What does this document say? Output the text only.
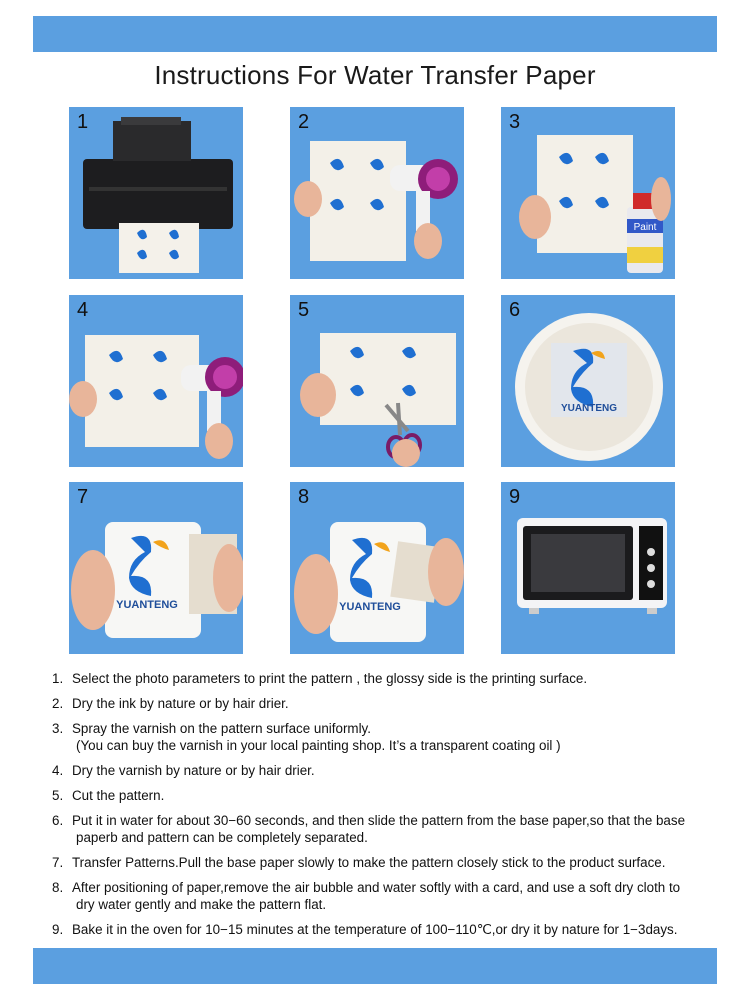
Instructions For Water Transfer Paper
1	2	3
Paint
4	5	6
YUANTENG
7
YUANTENG
8
YUANTENG
9
1. Select the photo parameters to print the pattern , the glossy side is the printing surface.
2. Dry the ink by nature or by hair drier.
3. Spray the varnish on the pattern surface uniformly.
(You can buy the varnish in your local painting shop. It’s a transparent coating oil )
4. Dry the varnish by nature or by hair drier.
5. Cut the pattern.
6. Put it in water for about 30−60 seconds, and then slide the pattern from the base paper,so that the base
paperb and pattern can be completely separated.
7. Transfer Patterns.Pull the base paper slowly to make the pattern closely stick to the product surface.
8. After positioning of paper,remove the air bubble and water softly with a card, and use a soft dry cloth to
dry water gently and make the pattern flat.
9. Bake it in the oven for 10−15 minutes at the temperature of 100−110℃,or dry it by nature for 1−3days.
